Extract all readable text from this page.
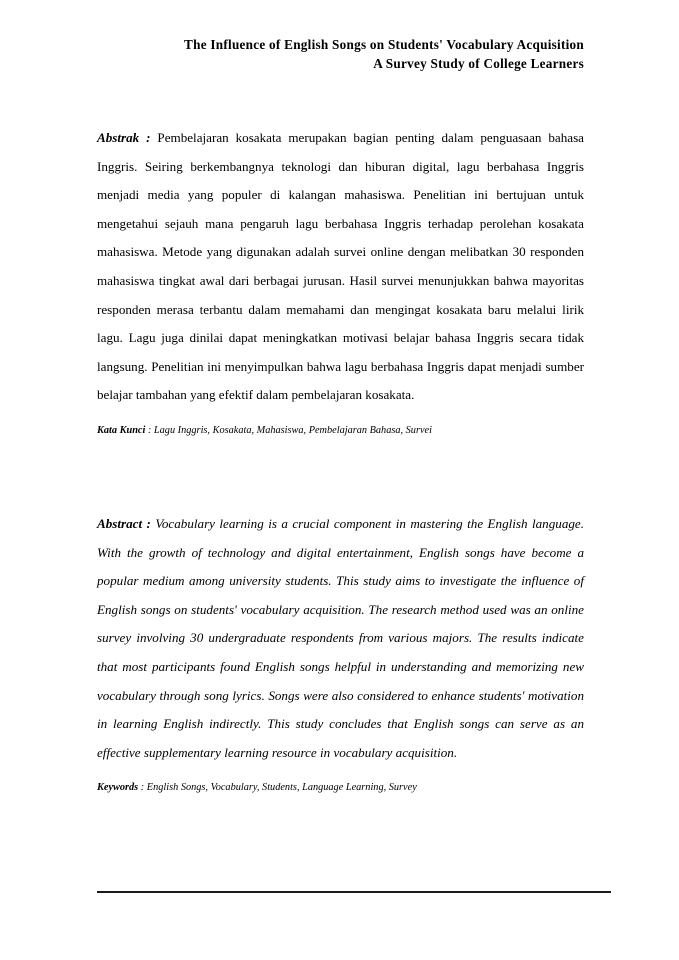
The Influence of English Songs on Students' Vocabulary Acquisition
A Survey Study of College Learners

Abstrak : Pembelajaran kosakata merupakan bagian penting dalam penguasaan bahasa Inggris. Seiring berkembangnya teknologi dan hiburan digital, lagu berbahasa Inggris menjadi media yang populer di kalangan mahasiswa. Penelitian ini bertujuan untuk mengetahui sejauh mana pengaruh lagu berbahasa Inggris terhadap perolehan kosakata mahasiswa. Metode yang digunakan adalah survei online dengan melibatkan 30 responden mahasiswa tingkat awal dari berbagai jurusan. Hasil survei menunjukkan bahwa mayoritas responden merasa terbantu dalam memahami dan mengingat kosakata baru melalui lirik lagu. Lagu juga dinilai dapat meningkatkan motivasi belajar bahasa Inggris secara tidak langsung. Penelitian ini menyimpulkan bahwa lagu berbahasa Inggris dapat menjadi sumber belajar tambahan yang efektif dalam pembelajaran kosakata.

Kata Kunci : Lagu Inggris, Kosakata, Mahasiswa, Pembelajaran Bahasa, Survei

Abstract : Vocabulary learning is a crucial component in mastering the English language. With the growth of technology and digital entertainment, English songs have become a popular medium among university students. This study aims to investigate the influence of English songs on students' vocabulary acquisition. The research method used was an online survey involving 30 undergraduate respondents from various majors. The results indicate that most participants found English songs helpful in understanding and memorizing new vocabulary through song lyrics. Songs were also considered to enhance students' motivation in learning English indirectly. This study concludes that English songs can serve as an effective supplementary learning resource in vocabulary acquisition.

Keywords : English Songs, Vocabulary, Students, Language Learning, Survey
